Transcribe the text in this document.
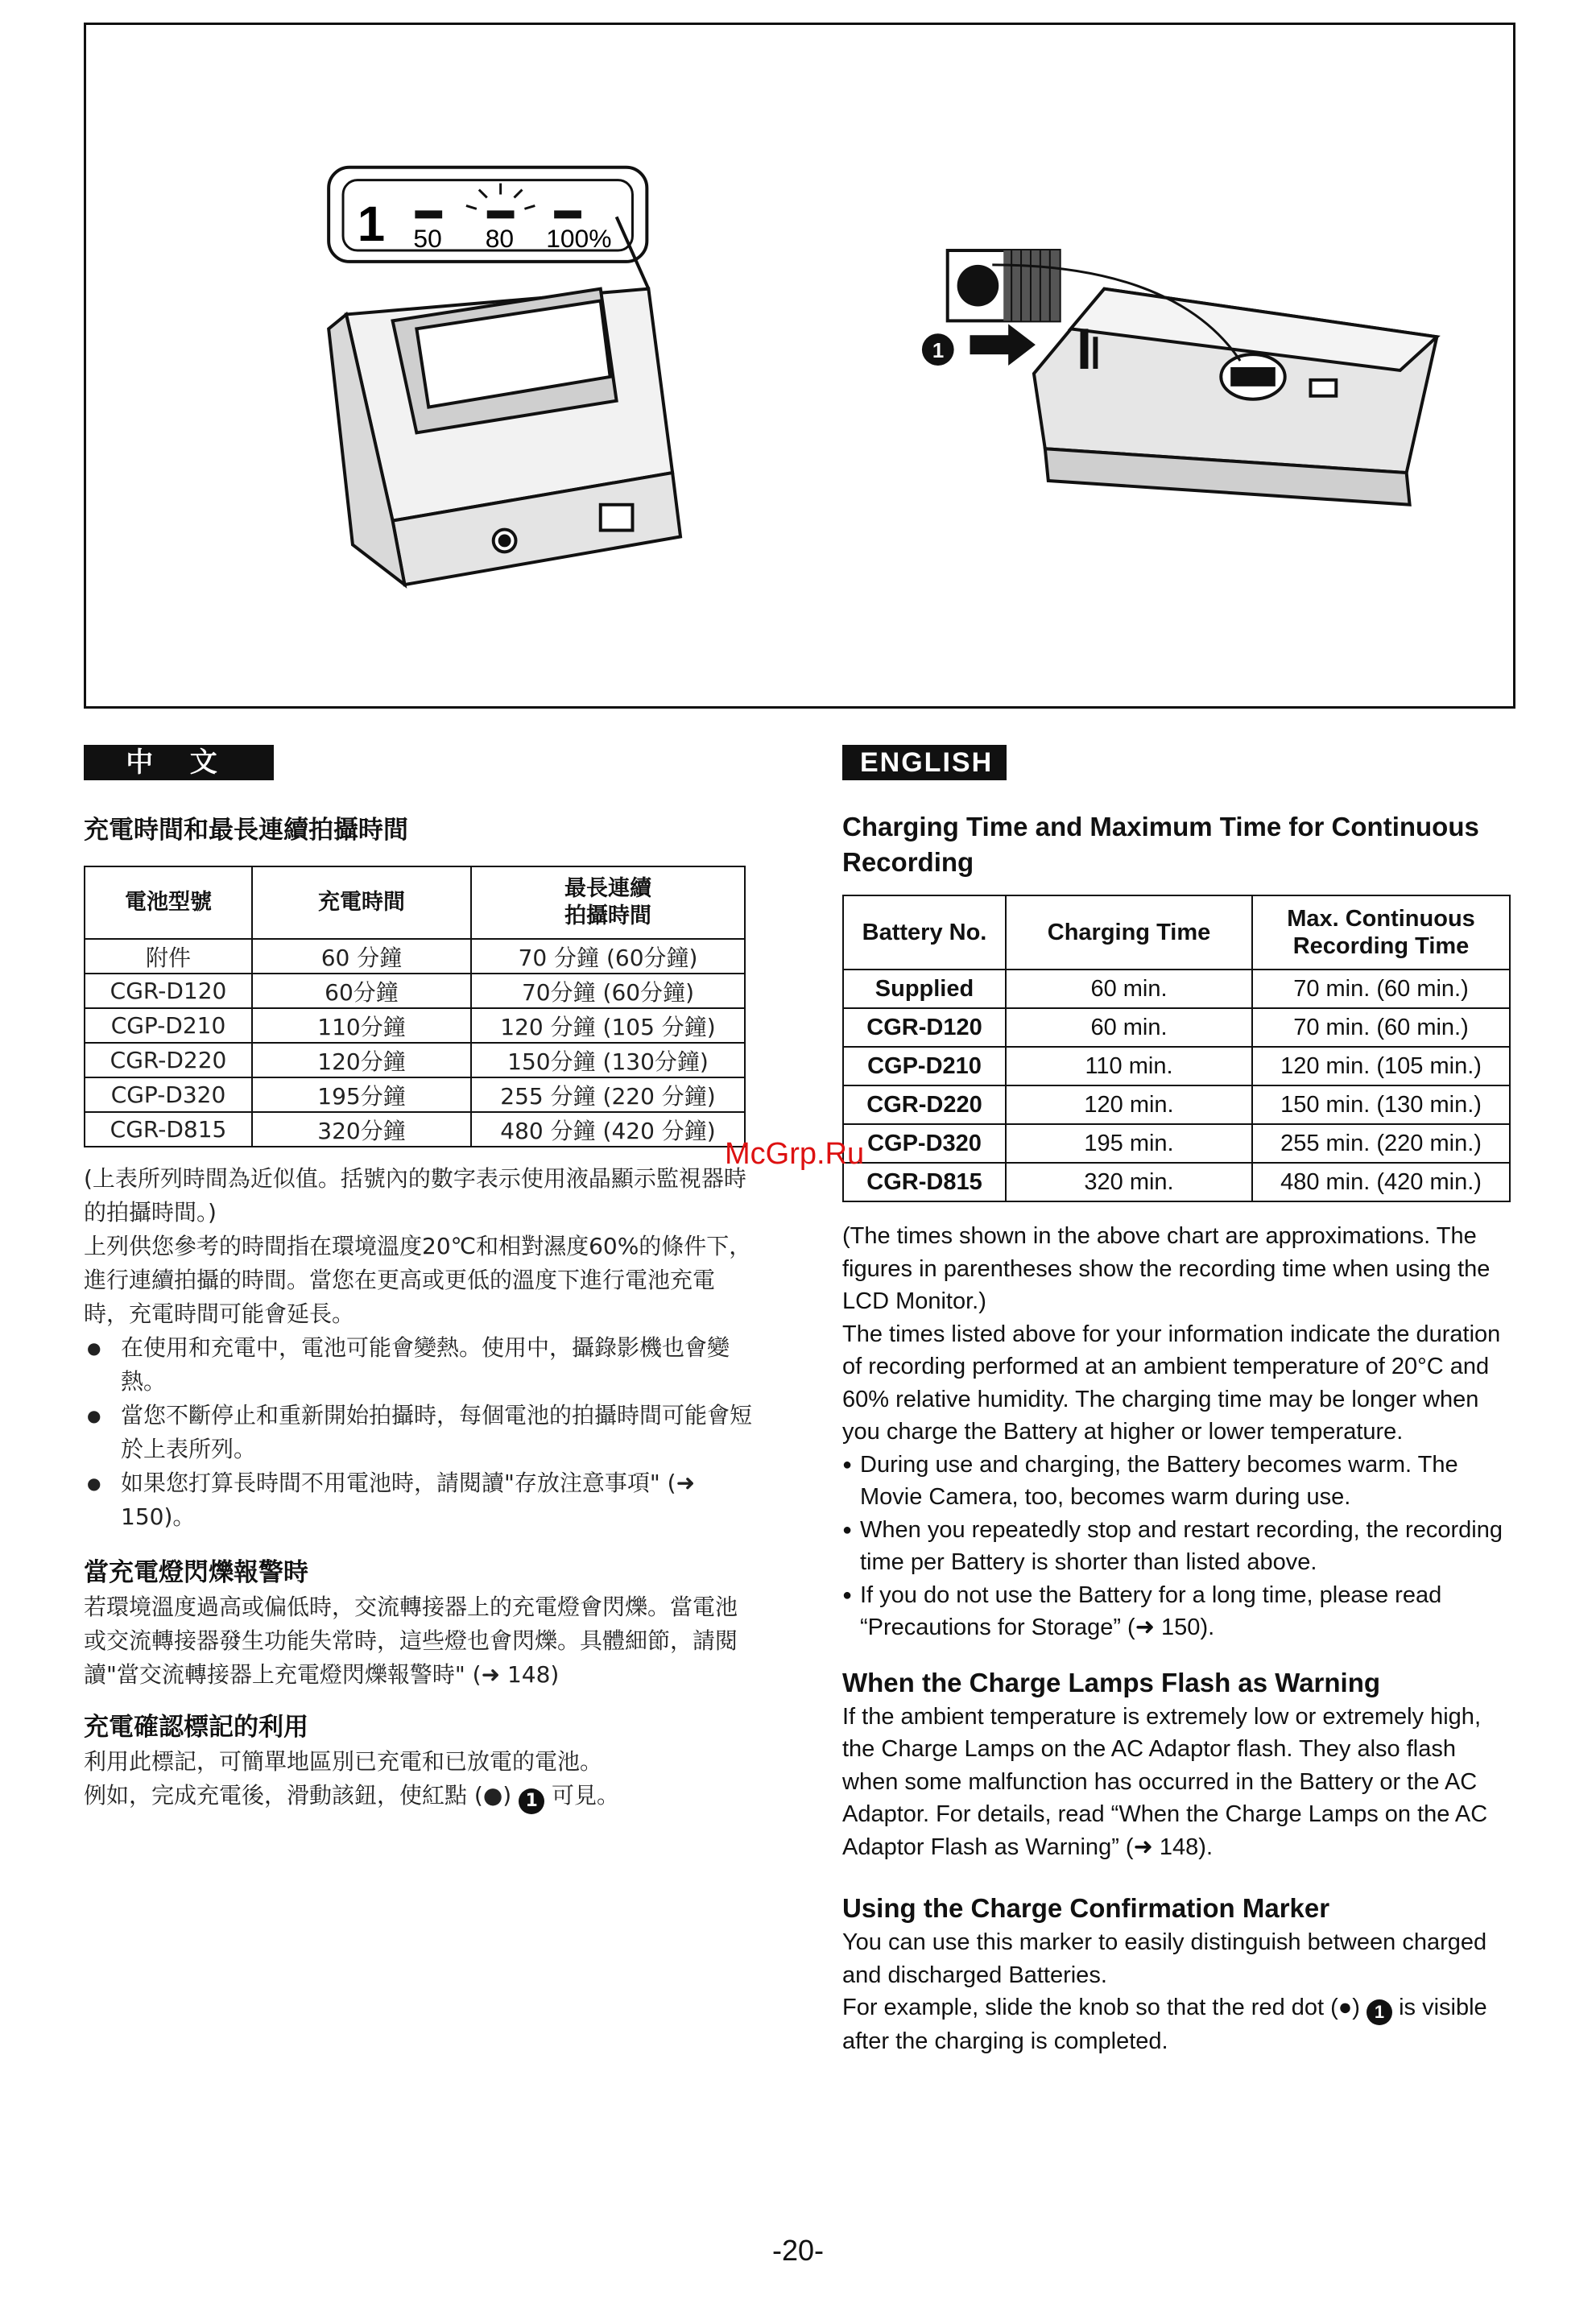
1 50 80 100%
1
中 文
充電時間和最長連續拍攝時間
電池型號	充電時間	最長連續
拍攝時間
附件	60 分鐘	70 分鐘 (60分鐘)
CGR-D120	60分鐘	70分鐘 (60分鐘)
CGP-D210	110分鐘	120 分鐘 (105 分鐘)
CGR-D220	120分鐘	150分鐘 (130分鐘)
CGP-D320	195分鐘	255 分鐘 (220 分鐘)
CGR-D815	320分鐘	480 分鐘 (420 分鐘)

(上表所列時間為近似值。括號內的數字表示使用液晶顯示監視器時的拍攝時間。)

上列供您參考的時間指在環境溫度20℃和相對濕度60%的條件下，進行連續拍攝的時間。當您在更高或更低的溫度下進行電池充電時，充電時間可能會延長。

● 在使用和充電中，電池可能會變熱。使用中，攝錄影機也會變熱。
● 當您不斷停止和重新開始拍攝時，每個電池的拍攝時間可能會短於上表所列。
● 如果您打算長時間不用電池時，請閱讀"存放注意事項" (➜ 150)。
當充電燈閃爍報警時

若環境溫度過高或偏低時，交流轉接器上的充電燈會閃爍。當電池或交流轉接器發生功能失常時，這些燈也會閃爍。具體細節，請閱讀"當交流轉接器上充電燈閃爍報警時" (➜ 148)

充電確認標記的利用

利用此標記，可簡單地區別已充電和已放電的電池。
例如，完成充電後，滑動該鈕，使紅點 (●) 1 可見。

ENGLISH
Charging Time and Maximum Time for Continuous Recording
Battery No.	Charging Time	Max. Continuous Recording Time
Supplied	60 min.	70 min. (60 min.)
CGR-D120	60 min.	70 min. (60 min.)
CGP-D210	110 min.	120 min. (105 min.)
CGR-D220	120 min.	150 min. (130 min.)
CGP-D320	195 min.	255 min. (220 min.)
CGR-D815	320 min.	480 min. (420 min.)

(The times shown in the above chart are approximations. The figures in parentheses show the recording time when using the LCD Monitor.)

The times listed above for your information indicate the duration of recording performed at an ambient temperature of 20°C and 60% relative humidity. The charging time may be longer when you charge the Battery at higher or lower temperature.

● During use and charging, the Battery becomes warm. The Movie Camera, too, becomes warm during use.
● When you repeatedly stop and restart recording, the recording time per Battery is shorter than listed above.
● If you do not use the Battery for a long time, please read “Precautions for Storage” (➜ 150).
When the Charge Lamps Flash as Warning

If the ambient temperature is extremely low or extremely high, the Charge Lamps on the AC Adaptor flash. They also flash when some malfunction has occurred in the Battery or the AC Adaptor. For details, read “When the Charge Lamps on the AC Adaptor Flash as Warning” (➜ 148).

Using the Charge Confirmation Marker

You can use this marker to easily distinguish between charged and discharged Batteries.
For example, slide the knob so that the red dot (●) 1 is visible after the charging is completed.

McGrp.Ru
-20-
